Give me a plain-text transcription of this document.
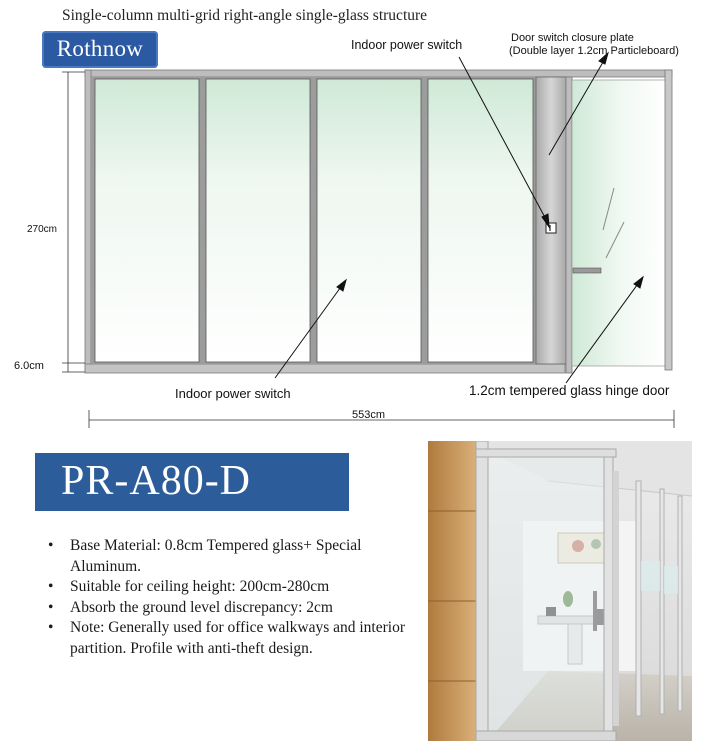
Single-column multi-grid right-angle single-glass structure
Rothnow	Indoor power switch	Door switch closure plate
(Double layer 1.2cm Particleboard)
Indoor power switch	1.2cm tempered glass hinge door
270cm
6.0cm
553cm
PR-A80-D
• Base Material: 0.8cm Tempered glass+ Special Aluminum.
• Suitable for ceiling height: 200cm-280cm
• Absorb the ground level discrepancy: 2cm
• Note: Generally used for office walkways and interior partition. Profile with anti-theft design.
